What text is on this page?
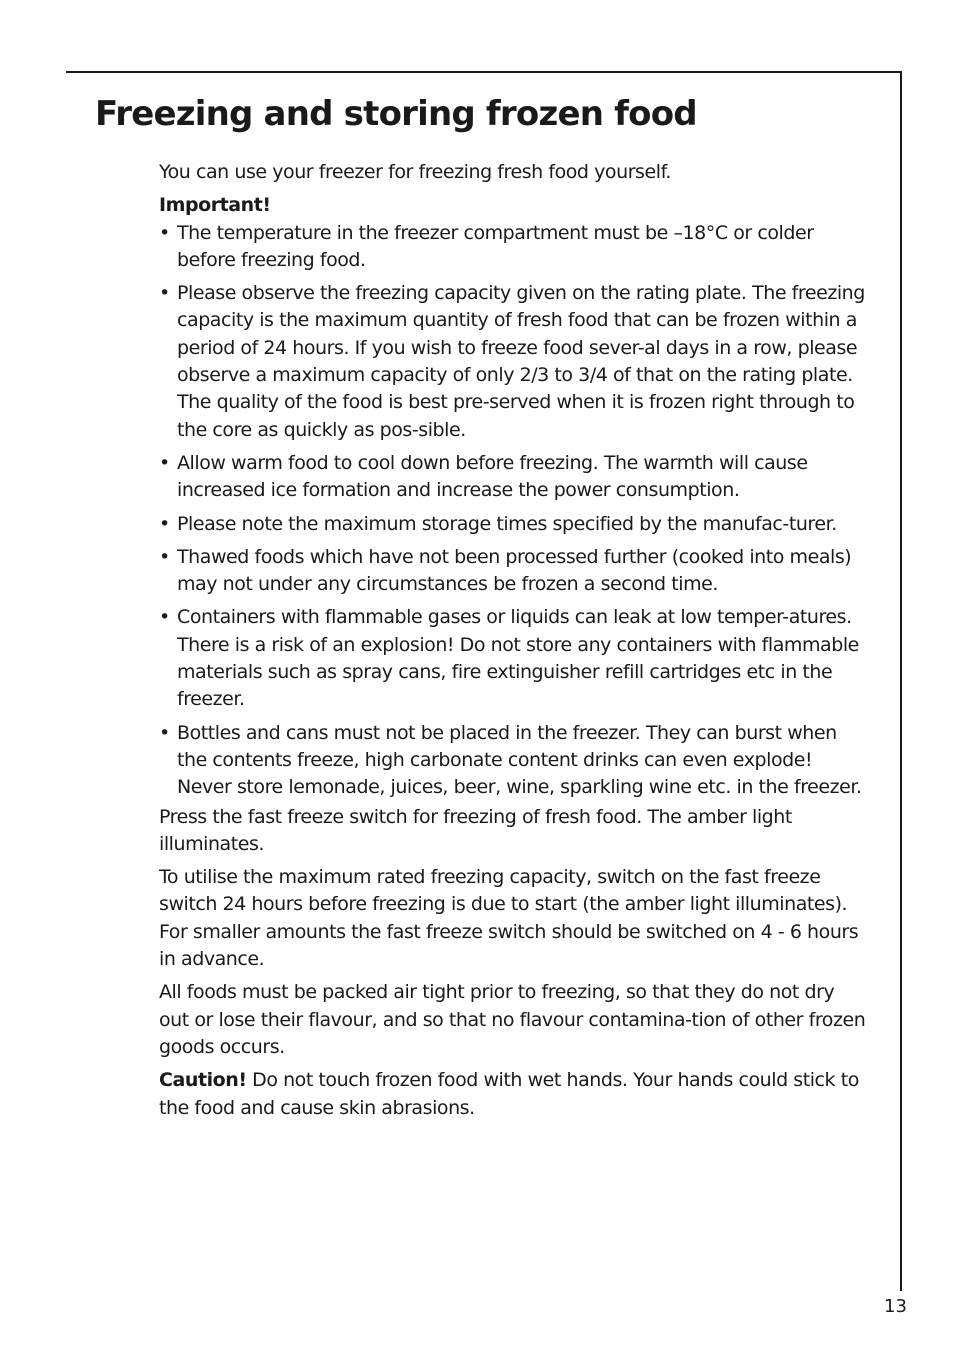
Freezing and storing frozen food

You can use your freezer for freezing fresh food yourself.

Important!

• The temperature in the freezer compartment must be –18°C or colder before freezing food.
• Please observe the freezing capacity given on the rating plate. The freezing capacity is the maximum quantity of fresh food that can be frozen within a period of 24 hours. If you wish to freeze food sever-al days in a row, please observe a maximum capacity of only 2/3 to 3/4 of that on the rating plate. The quality of the food is best pre-served when it is frozen right through to the core as quickly as pos-sible.
• Allow warm food to cool down before freezing. The warmth will cause increased ice formation and increase the power consumption.
• Please note the maximum storage times specified by the manufac-turer.
• Thawed foods which have not been processed further (cooked into meals) may not under any circumstances be frozen a second time.
• Containers with flammable gases or liquids can leak at low temper-atures. There is a risk of an explosion! Do not store any containers with flammable materials such as spray cans, fire extinguisher refill cartridges etc in the freezer.
• Bottles and cans must not be placed in the freezer. They can burst when the contents freeze, high carbonate content drinks can even explode! Never store lemonade, juices, beer, wine, sparkling wine etc. in the freezer.

Press the fast freeze switch for freezing of fresh food. The amber light illuminates.

To utilise the maximum rated freezing capacity, switch on the fast freeze switch 24 hours before freezing is due to start (the amber light illuminates). For smaller amounts the fast freeze switch should be switched on 4 - 6 hours in advance.

All foods must be packed air tight prior to freezing, so that they do not dry out or lose their flavour, and so that no flavour contamina-tion of other frozen goods occurs.

Caution! Do not touch frozen food with wet hands. Your hands could stick to the food and cause skin abrasions.

13
